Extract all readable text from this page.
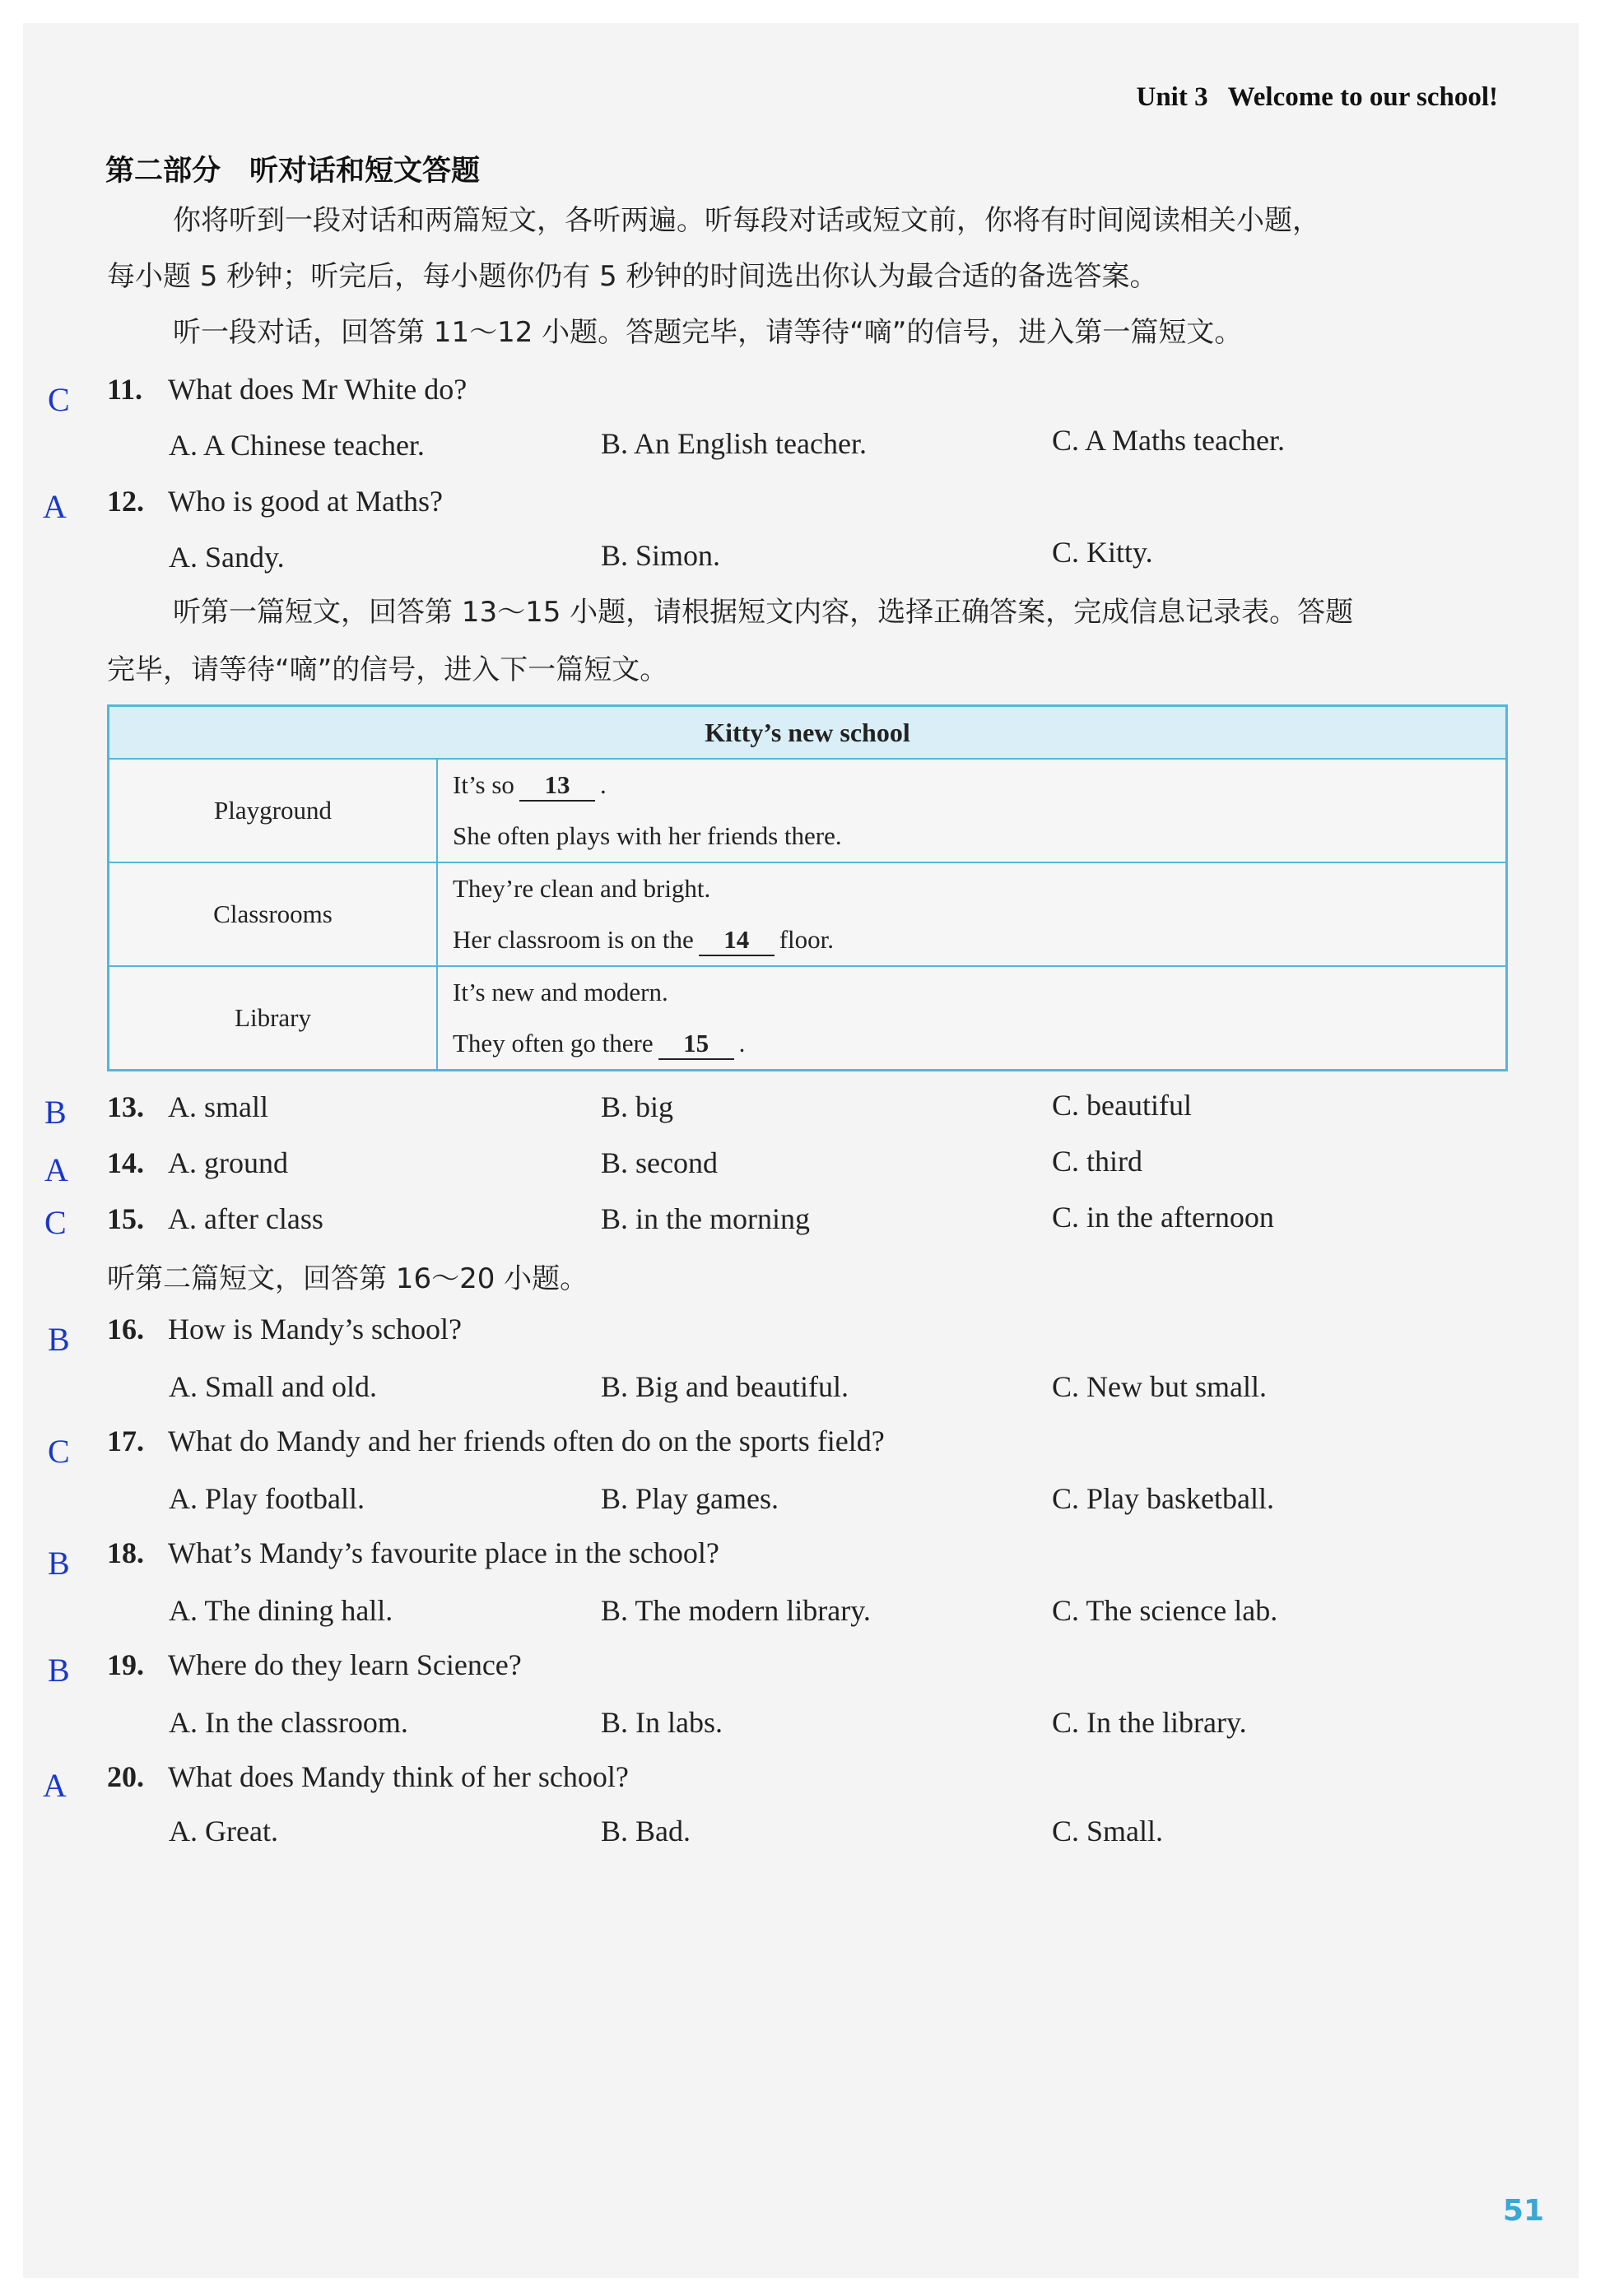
Unit 3 Welcome to our school!
第二部分　听对话和短文答题
你将听到一段对话和两篇短文，各听两遍。听每段对话或短文前，你将有时间阅读相关小题，
每小题 5 秒钟；听完后，每小题你仍有 5 秒钟的时间选出你认为最合适的备选答案。
听一段对话，回答第 11～12 小题。答题完毕，请等待“嘀”的信号，进入第一篇短文。
C 11. What does Mr White do?
A. A Chinese teacher.	B. An English teacher.	C. A Maths teacher.
A 12. Who is good at Maths?
A. Sandy.	B. Simon.	C. Kitty.
听第一篇短文，回答第 13～15 小题，请根据短文内容，选择正确答案，完成信息记录表。答题
完毕，请等待“嘀”的信号，进入下一篇短文。
Kitty’s new school	
Playground	It’s so 13 .
She often plays with her friends there.

Classrooms	They’re clean and bright.
Her classroom is on the 14 floor.

Library	It’s new and modern.
They often go there 15 .
B 13. A. small	B. big	C. beautiful
A 14. A. ground	B. second	C. third
C 15. A. after class	B. in the morning	C. in the afternoon
听第二篇短文，回答第 16～20 小题。
B 16. How is Mandy’s school?
A. Small and old.	B. Big and beautiful.	C. New but small.
C 17. What do Mandy and her friends often do on the sports field?
A. Play football.	B. Play games.	C. Play basketball.
B 18. What’s Mandy’s favourite place in the school?
A. The dining hall.	B. The modern library.	C. The science lab.
B 19. Where do they learn Science?
A. In the classroom.	B. In labs.	C. In the library.
A 20. What does Mandy think of her school?
A. Great.	B. Bad.	C. Small.
51
